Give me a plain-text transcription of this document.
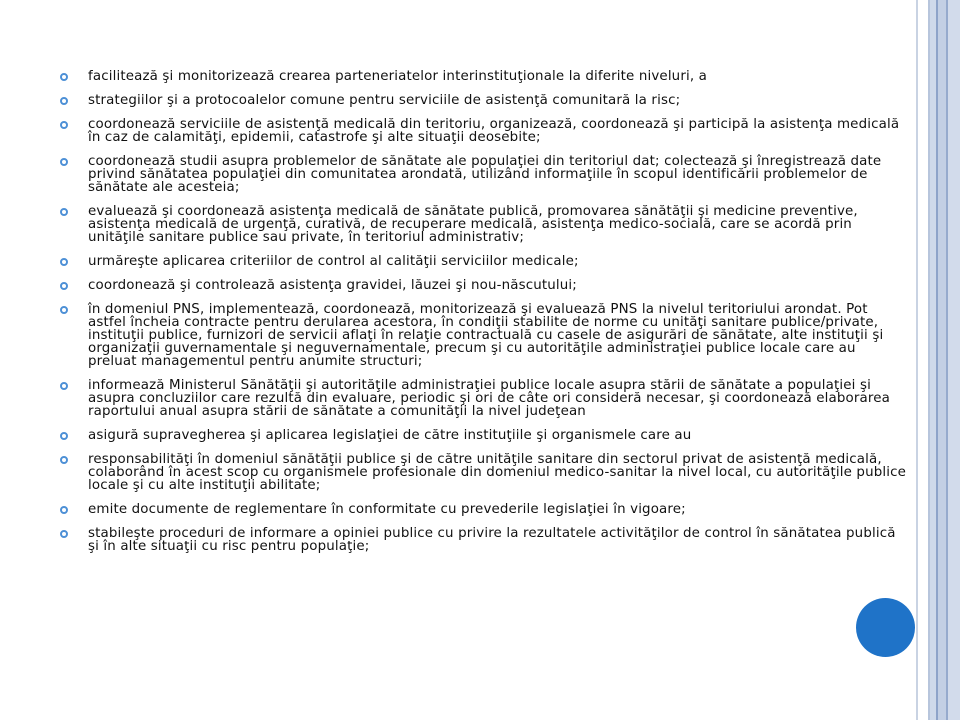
facilitează şi monitorizează crearea parteneriatelor interinstituţionale la diferite niveluri, a
strategiilor şi a protocoalelor comune pentru serviciile de asistenţă comunitară la risc;
coordonează serviciile de asistenţă medicală din teritoriu, organizează, coordonează şi participă la asistenţa medicală în caz de calamităţi, epidemii, catastrofe şi alte situaţii deosebite;
coordonează studii asupra problemelor de sănătate ale populaţiei din teritoriul dat; colectează şi înregistrează date privind sănătatea populaţiei din comunitatea arondată, utilizând informaţiile în scopul identificării problemelor de sănătate ale acesteia;
evaluează şi coordonează asistenţa medicală de sănătate publică, promovarea sănătăţii şi medicine preventive, asistenţa medicală de urgenţă, curativă, de recuperare medicală, asistenţa medico-socială, care se acordă prin unităţile sanitare publice sau private, în teritoriul administrativ;
urmăreşte aplicarea criteriilor de control al calităţii serviciilor medicale;
coordonează şi controlează asistenţa gravidei, lăuzei şi nou-născutului;
în domeniul PNS, implementează, coordonează, monitorizează şi evaluează PNS la nivelul teritoriului arondat. Pot astfel încheia contracte pentru derularea acestora, în condiţii stabilite de norme cu unităţi sanitare publice/private, instituţii publice, furnizori de servicii aflaţi în relaţie contractuală cu casele de asigurări de sănătate, alte instituţii şi organizaţii guvernamentale şi neguvernamentale, precum şi cu autorităţile administraţiei publice locale care au preluat managementul pentru anumite structuri;
informează Ministerul Sănătăţii şi autorităţile administraţiei publice locale asupra stării de sănătate a populaţiei şi asupra concluziilor care rezultă din evaluare, periodic şi ori de câte ori consideră necesar, şi coordonează elaborarea raportului anual asupra stării de sănătate a comunităţii la nivel judeţean
asigură supravegherea şi aplicarea legislaţiei de către instituţiile şi organismele care au
responsabilităţi în domeniul sănătăţii publice şi de către unităţile sanitare din sectorul privat de asistenţă medicală, colaborând în acest scop cu organismele profesionale din domeniul medico-sanitar la nivel local, cu autorităţile publice locale şi cu alte instituţii abilitate;
emite documente de reglementare în conformitate cu prevederile legislaţiei în vigoare;
stabileşte proceduri de informare a opiniei publice cu privire la rezultatele activităţilor de control în sănătatea publică şi în alte situaţii cu risc pentru populaţie;
